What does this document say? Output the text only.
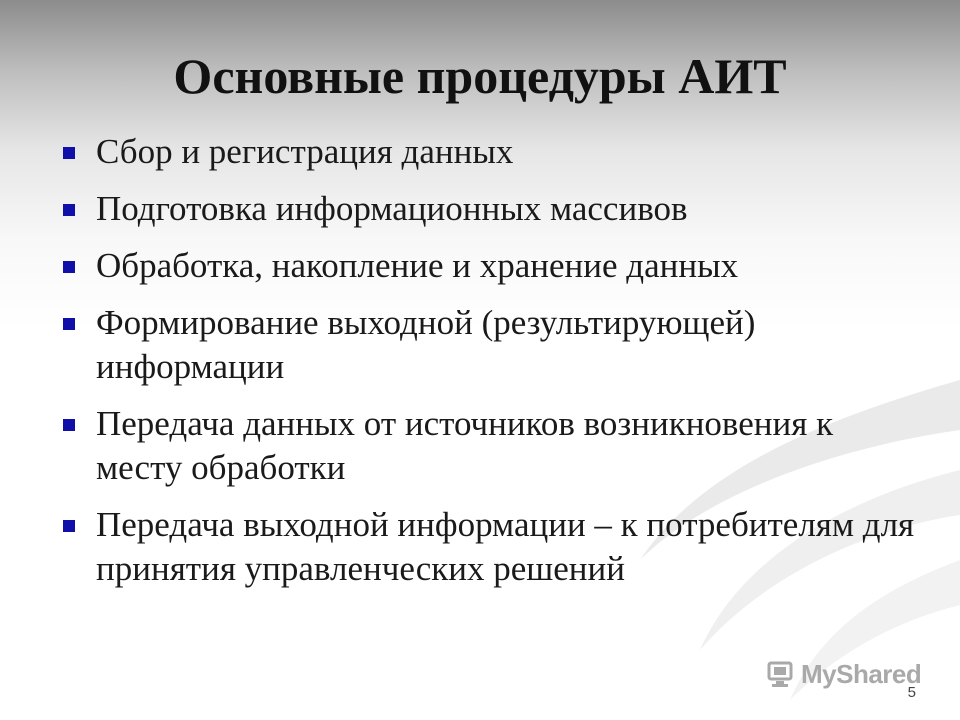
Основные процедуры АИТ
Сбор и регистрация данных
Подготовка информационных массивов
Обработка, накопление и хранение данных
Формирование выходной (результирующей) информации
Передача данных от источников возникновения к месту обработки
Передача выходной информации – к потребителям для принятия управленческих решений
MyShared
5
